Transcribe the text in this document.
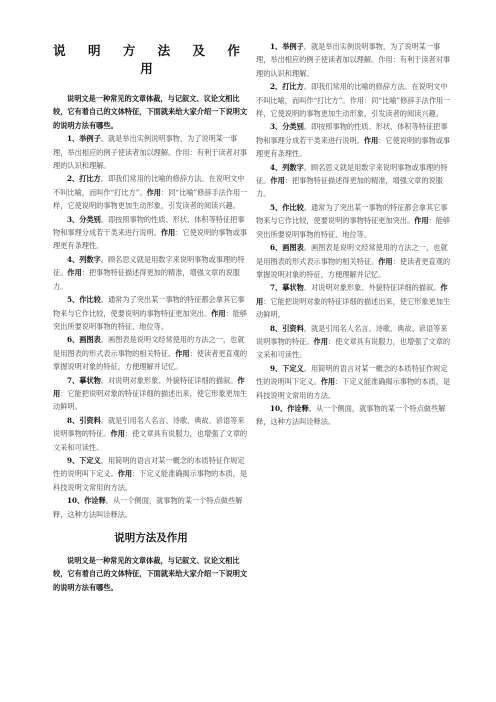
说 明 方 法 及 作 用

说明文是一种常见的文章体裁，与记叙文、议论文相比较，它有着自己的文体特征，下面就来给大家介绍一下说明文的说明方法有哪些。

1、举例子。就是举出实例说明事物，为了说明某一事理，举出相应的例子使读者加以理解。作用：有利于读者对事理的认识和理解。

2、打比方。即我们常用的比喻的修辞方法。在说明文中不叫比喻，而叫作“打比方”。作用：同“比喻”修辞手法作用一样，它使说明的事物更加生动形象，引发读者的阅读兴趣。

3、分类别。即按照事物的性质、形状、体积等特征把事物和事理分成若干类来进行说明。作用：它使说明的事物或事理更有条理性。

4、列数字。顾名思义就是用数字来说明事物或事理的特征。作用：把事物特征描述得更加的精准，增强文章的说服力。

5、作比较。通常为了突出某一事物的特征都会拿其它事物来与它作比较，使要说明的事物特征更加突出。作用：能够突出所要说明事物的特征、地位等。

6、画图表。画图表是说明文经常使用的方法之一，也就是用图表的形式表示事物的相关特征。作用：使读者更直观的掌握说明对象的特征，方便理解并记忆。

7、摹状物。对说明对象形象、外貌特征详细的描叙。作用：它能把说明对象的特征详细的描述出来，使它形象更加生动鲜明。

8、引资料。就是引用名人名言、诗歌、典故、谚语等来说明事物的特征。作用：使文章具有说服力，也增强了文章的文采和可读性。

9、下定义。用简明的语言对某一概念的本质特征作规定性的说明叫下定义。作用：下定义能准确揭示事物的本质，是科技说明文常用的方法。

10、作诠释。从一个侧面，就事物的某一个特点做些解释，这种方法叫诠释法。

说明方法及作用

说明文是一种常见的文章体裁，与记叙文、议论文相比较，它有着自己的文体特征，下面就来给大家介绍一下说明文的说明方法有哪些。

1、举例子。就是举出实例说明事物，为了说明某一事理，举出相应的例子使读者加以理解。作用：有利于读者对事理的认识和理解。

2、打比方。即我们常用的比喻的修辞方法。在说明文中不叫比喻，而叫作“打比方”。作用：同“比喻”修辞手法作用一样，它使说明的事物更加生动形象，引发读者的阅读兴趣。

3、分类别。即按照事物的性质、形状、体积等特征把事物和事理分成若干类来进行说明。作用：它使说明的事物或事理更有条理性。

4、列数字。顾名思义就是用数字来说明事物或事理的特征。作用：把事物特征描述得更加的精准，增强文章的说服力。

5、作比较。通常为了突出某一事物的特征都会拿其它事物来与它作比较，使要说明的事物特征更加突出。作用：能够突出所要说明事物的特征、地位等。

6、画图表。画图表是说明文经常使用的方法之一，也就是用图表的形式表示事物的相关特征。作用：使读者更直观的掌握说明对象的特征，方便理解并记忆。

7、摹状物。对说明对象形象、外貌特征详细的描叙。作用：它能把说明对象的特征详细的描述出来，使它形象更加生动鲜明。

8、引资料。就是引用名人名言、诗歌、典故、谚语等来说明事物的特征。作用：使文章具有说服力，也增强了文章的文采和可读性。

9、下定义。用简明的语言对某一概念的本质特征作规定性的说明叫下定义。作用：下定义能准确揭示事物的本质，是科技说明文常用的方法。

10、作诠释。从一个侧面，就事物的某一个特点做些解释，这种方法叫诠释法。
